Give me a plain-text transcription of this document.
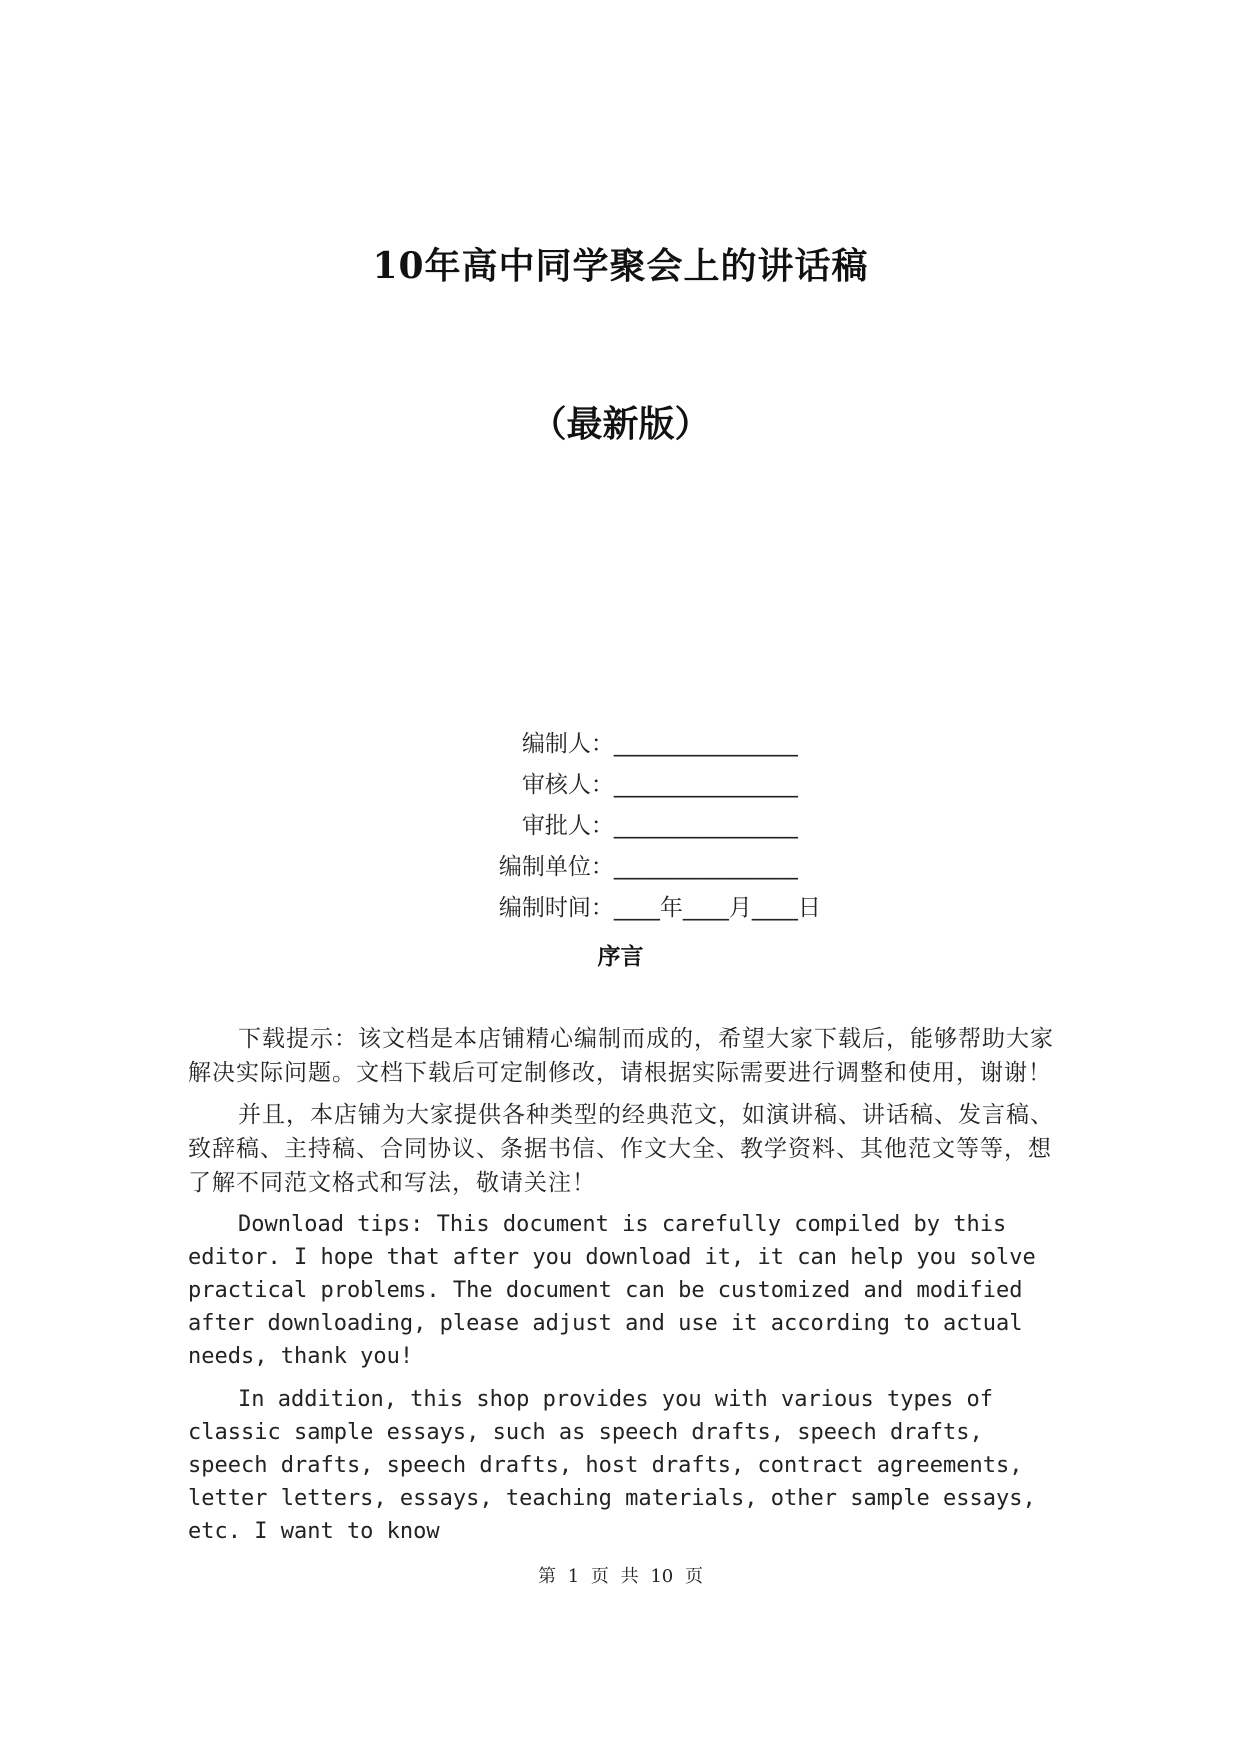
10年高中同学聚会上的讲话稿
（最新版）

编制人：________________

审核人：________________

审批人：________________

编制单位：________________

编制时间：____年____月____日

序言

下载提示：该文档是本店铺精心编制而成的，希望大家下载后，能够帮助大家解决实际问题。文档下载后可定制修改，请根据实际需要进行调整和使用，谢谢！

并且，本店铺为大家提供各种类型的经典范文，如演讲稿、讲话稿、发言稿、致辞稿、主持稿、合同协议、条据书信、作文大全、教学资料、其他范文等等，想了解不同范文格式和写法，敬请关注！

Download tips: This document is carefully compiled by this editor. I hope that after you download it, it can help you solve practical problems. The document can be customized and modified after downloading, please adjust and use it according to actual needs, thank you!

In addition, this shop provides you with various types of classic sample essays, such as speech drafts, speech drafts, speech drafts, speech drafts, host drafts, contract agreements, letter letters, essays, teaching materials, other sample essays, etc. I want to know

第 1 页 共 10 页
